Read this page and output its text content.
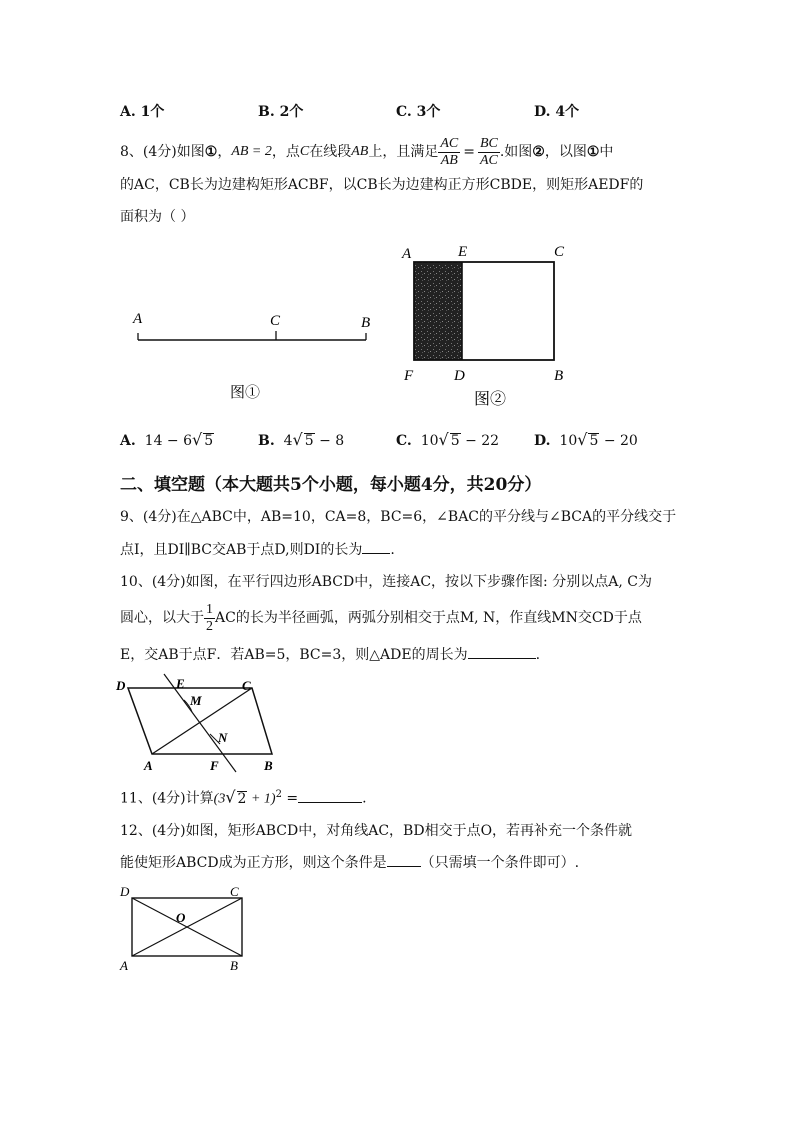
A. 1个	B. 2个	C. 3个	D. 4个
8、(4分)如图 ① ， AB = 2 ，点 C 在线段 AB 上，且满足 $\frac{AC}{AB} = \frac{BC}{AC}$ .如图 ② ，以图 ① 中
的AC，CB长为边建构矩形ACBF，以CB长为边建构正方形CBDE，则矩形AEDF的
面积为（ ）
A	C	B
图①
A	E	C
F	D	B
图②
A. 14 − 6√ 5	B. 4√ 5 − 8	C. 10√ 5 − 22 D. 10√ 5 − 20
二、填空题（本大题共5个小题，每小题4分，共20分）
9、(4分)在△ABC中，AB=10，CA=8，BC=6，∠BAC的平分线与∠BCA的平分线交于
点I，且DI∥BC交AB于点D,则DI的长为 .
10、(4分)如图，在平行四边形ABCD中，连接AC，按以下步骤作图: 分别以点A, C为
圆心，以大于 $\frac{1}{2}$ AC的长为半径画弧，两弧分别相交于点M, N，作直线MN交CD于点
E，交AB于点F．若AB=5，BC=3，则△ADE的周长为	.
D	E	C
M
N
A	F	B
11、(4分)计算(3√ 2 + 1)$^2$ =	.
12、(4分)如图，矩形ABCD中，对角线AC，BD相交于点O，若再补充一个条件就
能使矩形ABCD成为正方形，则这个条件是 （只需填一个条件即可）.
D	C
O
A	B
